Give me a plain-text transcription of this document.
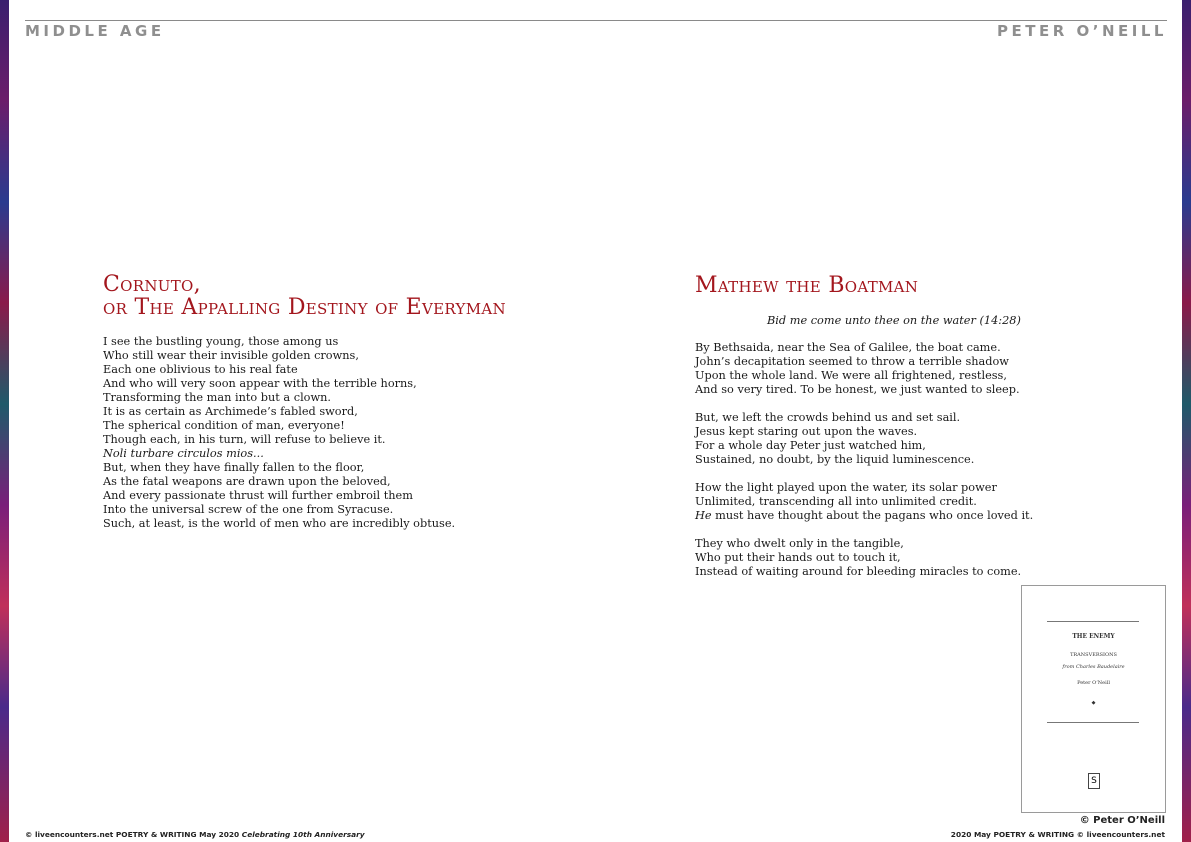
MIDDLE AGE	PETER O’NEILL
Cornuto,
or The Appalling Destiny of Everyman
I see the bustling young, those among us
Who still wear their invisible golden crowns,
Each one oblivious to his real fate
And who will very soon appear with the terrible horns,
Transforming the man into but a clown.
It is as certain as Archimede’s fabled sword,
The spherical condition of man, everyone!
Though each, in his turn, will refuse to believe it.
Noli turbare circulos mios...
But, when they have finally fallen to the floor,
As the fatal weapons are drawn upon the beloved,
And every passionate thrust will further embroil them
Into the universal screw of the one from Syracuse.
Such, at least, is the world of men who are incredibly obtuse.
Mathew the Boatman
Bid me come unto thee on the water (14:28)
By Bethsaida, near the Sea of Galilee, the boat came.
John’s decapitation seemed to throw a terrible shadow
Upon the whole land. We were all frightened, restless,
And so very tired. To be honest, we just wanted to sleep.
But, we left the crowds behind us and set sail.
Jesus kept staring out upon the waves.
For a whole day Peter just watched him,
Sustained, no doubt, by the liquid luminescence.
How the light played upon the water, its solar power
Unlimited, transcending all into unlimited credit.
He must have thought about the pagans who once loved it.
They who dwelt only in the tangible,
Who put their hands out to touch it,
Instead of waiting around for bleeding miracles to come.
THE ENEMY
TRANSVERSIONS
from Charles Baudelaire
Peter O’Neill
◆
S
© Peter O’Neill
© liveencounters.net POETRY & WRITING May 2020 Celebrating 10th Anniversary	2020 May POETRY & WRITING © liveencounters.net
